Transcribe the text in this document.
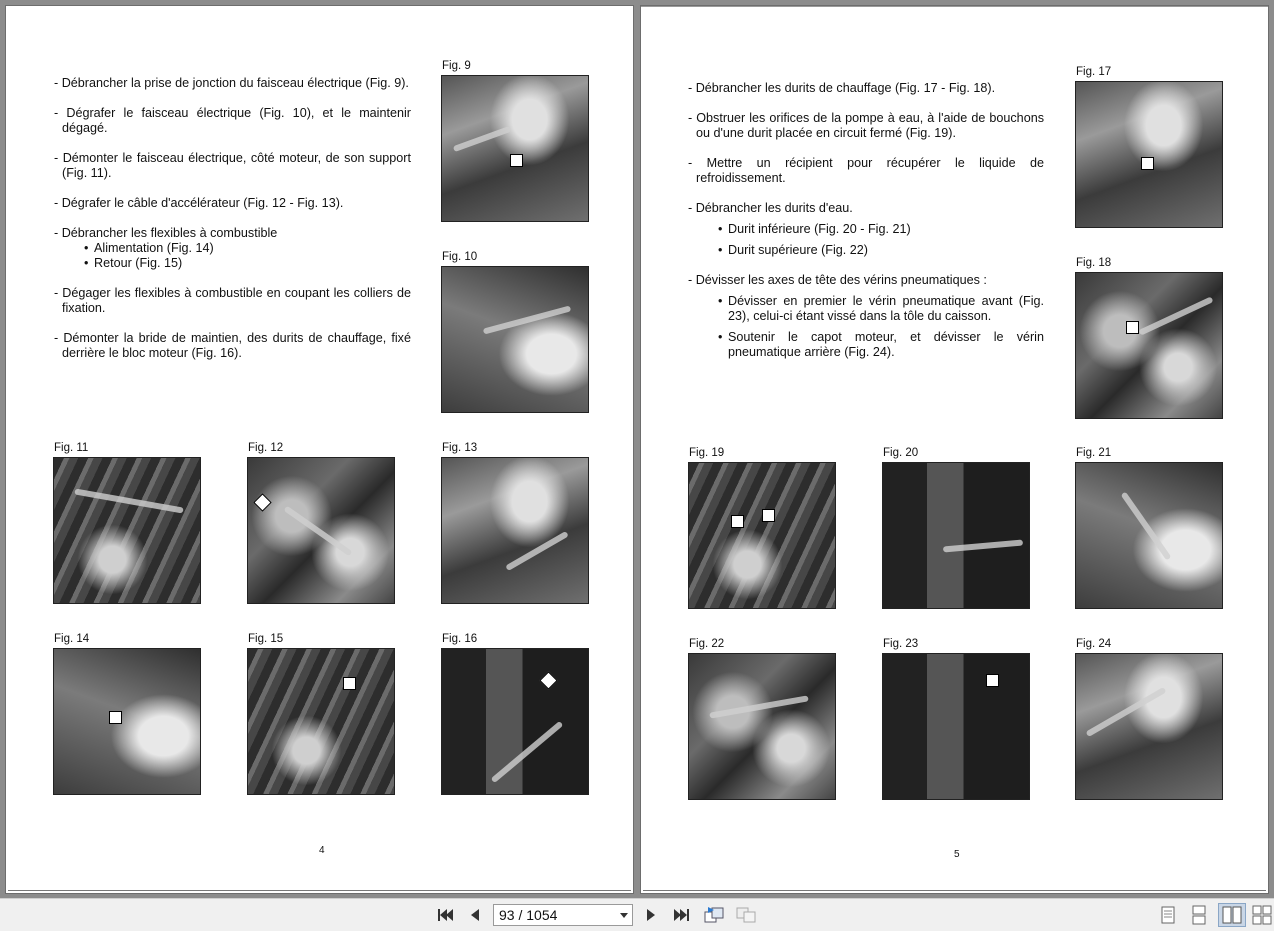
- Débrancher la prise de jonction du faisceau électrique (Fig. 9).
- Dégrafer le faisceau électrique (Fig. 10), et le maintenir dégagé.
- Démonter le faisceau électrique, côté moteur, de son support (Fig. 11).
- Dégrafer le câble d'accélérateur (Fig. 12 - Fig. 13).
- Débrancher les flexibles à combustible
• Alimentation (Fig. 14)
• Retour (Fig. 15)
- Dégager les flexibles à combustible en coupant les colliers de fixation.
- Démonter la bride de maintien, des durits de chauffage, fixé derrière le bloc moteur (Fig. 16).
Fig. 9
Fig. 10
Fig. 11	Fig. 12	Fig. 13
Fig. 14	Fig. 15	Fig. 16
4
- Débrancher les durits de chauffage (Fig. 17 - Fig. 18).
- Obstruer les orifices de la pompe à eau, à l'aide de bouchons ou d'une durit placée en circuit fermé (Fig. 19).
- Mettre un récipient pour récupérer le liquide de refroidissement.
- Débrancher les durits d'eau.
• Durit inférieure (Fig. 20 - Fig. 21)
• Durit supérieure (Fig. 22)
- Dévisser les axes de tête des vérins pneumatiques :
• Dévisser en premier le vérin pneumatique avant (Fig. 23), celui-ci étant vissé dans la tôle du caisson.
• Soutenir le capot moteur, et dévisser le vérin pneumatique arrière (Fig. 24).
Fig. 17
Fig. 18
Fig. 19	Fig. 20	Fig. 21
Fig. 22	Fig. 23	Fig. 24
5
93 / 1054
